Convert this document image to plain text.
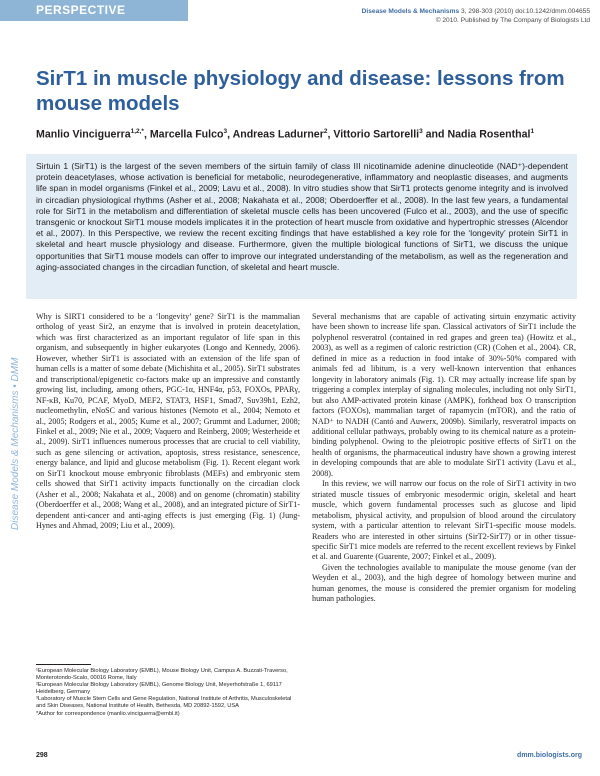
PERSPECTIVE	Disease Models & Mechanisms 3, 298-303 (2010) doi:10.1242/dmm.004655
© 2010. Published by The Company of Biologists Ltd
SirT1 in muscle physiology and disease: lessons from mouse models
Manlio Vinciguerra$^{1,2,*}$, Marcella Fulco$^3$, Andreas Ladurner$^2$, Vittorio Sartorelli$^3$ and Nadia Rosenthal$^1$

Sirtuin 1 (SirT1) is the largest of the seven members of the sirtuin family of class III nicotinamide adenine dinucleotide (NAD⁺)-dependent protein deacetylases, whose activation is beneficial for metabolic, neurodegenerative, inflammatory and neoplastic diseases, and augments life span in model organisms (Finkel et al., 2009; Lavu et al., 2008). In vitro studies show that SirT1 protects genome integrity and is involved in circadian physiological rhythms (Asher et al., 2008; Nakahata et al., 2008; Oberdoerffer et al., 2008). In the last few years, a fundamental role for SirT1 in the metabolism and differentiation of skeletal muscle cells has been uncovered (Fulco et al., 2003), and the use of specific transgenic or knockout SirT1 mouse models implicates it in the protection of heart muscle from oxidative and hypertrophic stresses (Alcendor et al., 2007). In this Perspective, we review the recent exciting findings that have established a key role for the ‘longevity’ protein SirT1 in skeletal and heart muscle physiology and disease. Furthermore, given the multiple biological functions of SirT1, we discuss the unique opportunities that SirT1 mouse models can offer to improve our integrated understanding of the metabolism, as well as the regeneration and aging-associated changes in the circadian function, of skeletal and heart muscle.

Disease Models & Mechanisms • DMM

Why is SIRT1 considered to be a ‘longevity’ gene? SirT1 is the mammalian ortholog of yeast Sir2, an enzyme that is involved in protein deacetylation, which was first characterized as an important regulator of life span in this organism, and subsequently in higher eukaryotes (Longo and Kennedy, 2006). However, whether SirT1 is associated with an extension of the life span of human cells is a matter of some debate (Michishita et al., 2005). SirT1 substrates and transcriptional/epigenetic co-factors make up an impressive and constantly growing list, including, among others, PGC-1α, HNF4α, p53, FOXOs, PPARγ, NF-κB, Ku70, PCAF, MyoD, MEF2, STAT3, HSF1, Smad7, Suv39h1, Ezh2, nucleomethylin, eNoSC and various histones (Nemoto et al., 2004; Nemoto et al., 2005; Rodgers et al., 2005; Kume et al., 2007; Grummt and Ladurner, 2008; Finkel et al., 2009; Nie et al., 2009; Vaquero and Reinberg, 2009; Westerheide et al., 2009). SirT1 influences numerous processes that are crucial to cell viability, such as gene silencing or activation, apoptosis, stress resistance, senescence, energy balance, and lipid and glucose metabolism (Fig. 1). Recent elegant work on SirT1 knockout mouse embryonic fibroblasts (MEFs) and embryonic stem cells showed that SirT1 activity impacts functionally on the circadian clock (Asher et al., 2008; Nakahata et al., 2008) and on genome (chromatin) stability (Oberdoerffer et al., 2008; Wang et al., 2008), and an integrated picture of SirT1-dependent anti-cancer and anti-aging effects is just emerging (Fig. 1) (Jung-Hynes and Ahmad, 2009; Liu et al., 2009).

Several mechanisms that are capable of activating sirtuin enzymatic activity have been shown to increase life span. Classical activators of SirT1 include the polyphenol resveratrol (contained in red grapes and green tea) (Howitz et al., 2003), as well as a regimen of caloric restriction (CR) (Cohen et al., 2004). CR, defined in mice as a reduction in food intake of 30%-50% compared with animals fed ad libitum, is a very well-known intervention that enhances longevity in laboratory animals (Fig. 1). CR may actually increase life span by triggering a complex interplay of signaling molecules, including not only SirT1, but also AMP-activated protein kinase (AMPK), forkhead box O transcription factors (FOXOs), mammalian target of rapamycin (mTOR), and the ratio of NAD⁺ to NADH (Cantó and Auwerx, 2009b). Similarly, resveratrol impacts on additional cellular pathways, probably owing to its chemical nature as a protein-binding polyphenol. Owing to the pleiotropic positive effects of SirT1 on the health of organisms, the pharmaceutical industry have shown a growing interest in developing compounds that are able to modulate SirT1 activity (Lavu et al., 2008).

In this review, we will narrow our focus on the role of SirT1 activity in two striated muscle tissues of embryonic mesodermic origin, skeletal and heart muscle, which govern fundamental processes such as glucose and lipid metabolism, physical activity, and propulsion of blood around the circulatory system, with a particular attention to relevant SirT1-specific mouse models. Readers who are interested in other sirtuins (SirT2-SirT7) or in other tissue-specific SirT1 mice models are referred to the recent excellent reviews by Finkel et al. and Guarente (Guarente, 2007; Finkel et al., 2009).

Given the technologies available to manipulate the mouse genome (van der Weyden et al., 2003), and the high degree of homology between murine and human genomes, the mouse is considered the premier organism for modeling human pathologies.

¹European Molecular Biology Laboratory (EMBL), Mouse Biology Unit, Campus A. Buzzati-Traverso, Monterotondo-Scalo, 00016 Rome, Italy
²European Molecular Biology Laboratory (EMBL), Genome Biology Unit, Meyerhofstraße 1, 69117 Heidelberg, Germany
³Laboratory of Muscle Stem Cells and Gene Regulation, National Institute of Arthritis, Musculoskeletal and Skin Diseases, National Institute of Health, Bethesda, MD 20892-1592, USA
*Author for correspondence (manlio.vinciguerra@embl.it)
298	dmm.biologists.org
